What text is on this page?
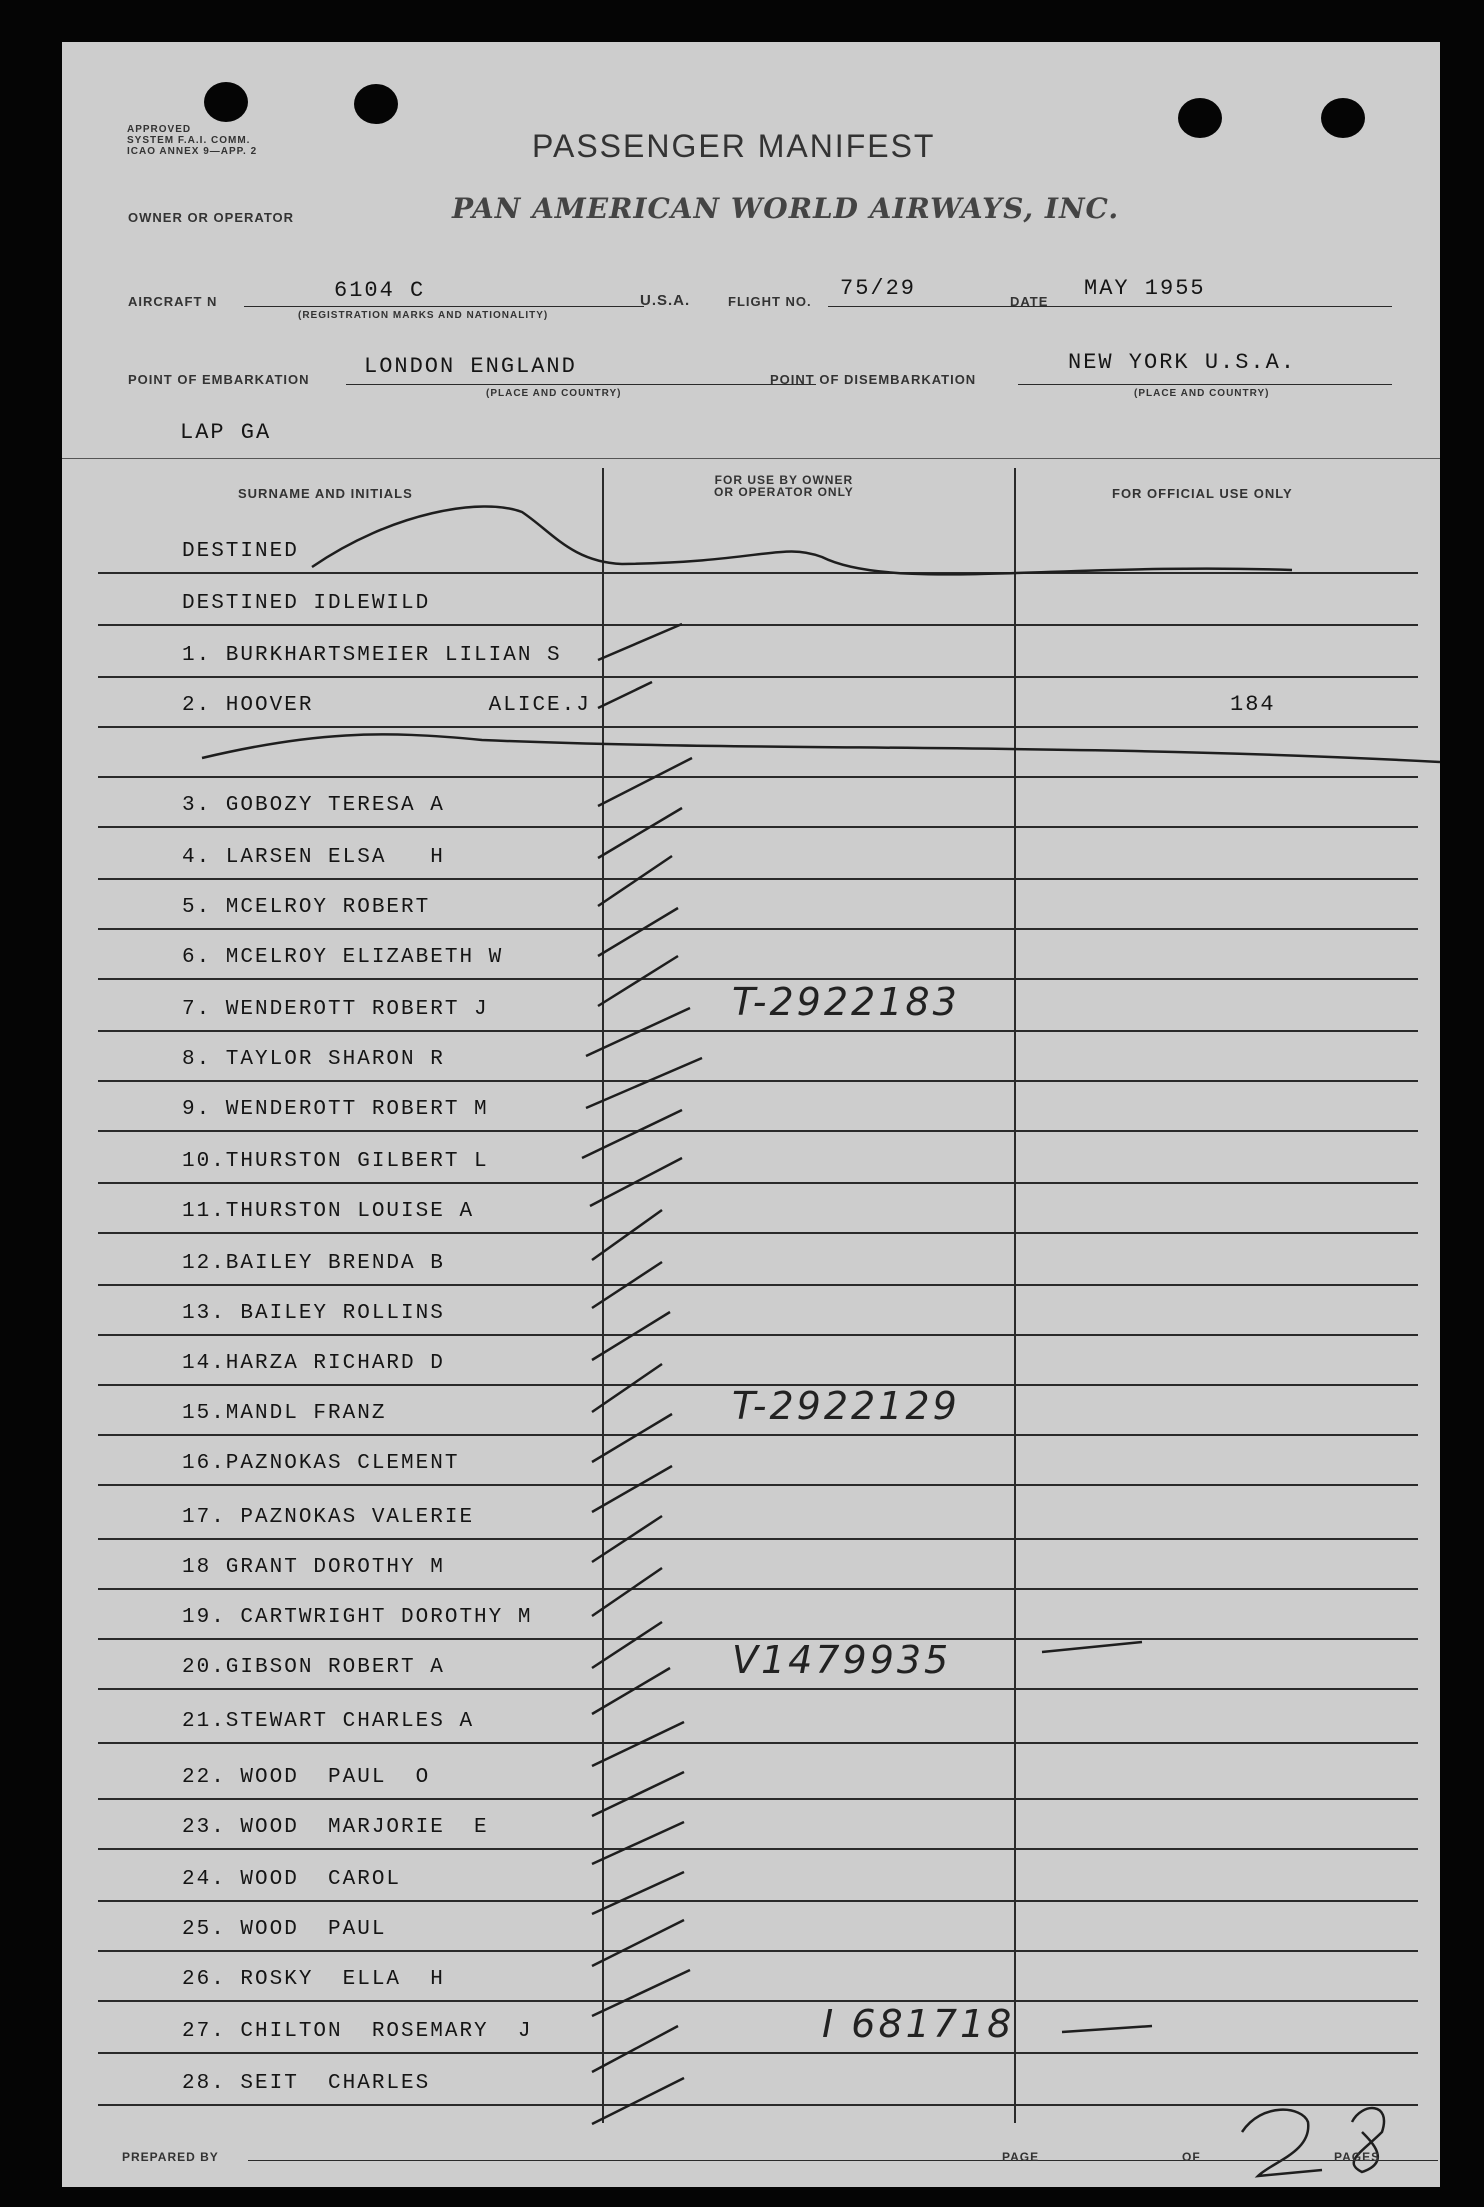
APPROVED
SYSTEM F.A.I. COMM.
ICAO ANNEX 9—APP. 2	PASSENGER MANIFEST
OWNER OR OPERATOR	PAN AMERICAN WORLD AIRWAYS, INC.
AIRCRAFT N	6104 C
(REGISTRATION MARKS AND NATIONALITY)
U.S.A.	FLIGHT NO.
75/29
DATE
MAY 1955
POINT OF EMBARKATION
LONDON ENGLAND
(PLACE AND COUNTRY)
POINT OF DISEMBARKATION
NEW YORK U.S.A.
(PLACE AND COUNTRY)
LAP GA
SURNAME AND INITIALS
FOR USE BY OWNER
OR OPERATOR ONLY	FOR OFFICIAL USE ONLY
DESTINED
DESTINED IDLEWILD
1. BURKHARTSMEIER LILIAN S
2. HOOVER            ALICE.J	184
3. GOBOZY TERESA A
4. LARSEN ELSA   H
5. MCELROY ROBERT
6. MCELROY ELIZABETH W
7. WENDEROTT ROBERT J	T-2922183
8. TAYLOR SHARON R
9. WENDEROTT ROBERT M
10.THURSTON GILBERT L
11.THURSTON LOUISE A
12.BAILEY BRENDA B
13. BAILEY ROLLINS
14.HARZA RICHARD D
15.MANDL FRANZ	T-2922129
16.PAZNOKAS CLEMENT
17. PAZNOKAS VALERIE
18 GRANT DOROTHY M
19. CARTWRIGHT DOROTHY M
20.GIBSON ROBERT A	V1479935
21.STEWART CHARLES A
22. WOOD  PAUL  O
23. WOOD  MARJORIE  E
24. WOOD  CAROL
25. WOOD  PAUL
26. ROSKY  ELLA  H
27. CHILTON  ROSEMARY  J	I 681718
28. SEIT  CHARLES
PREPARED BY	PAGE	OF	PAGES
